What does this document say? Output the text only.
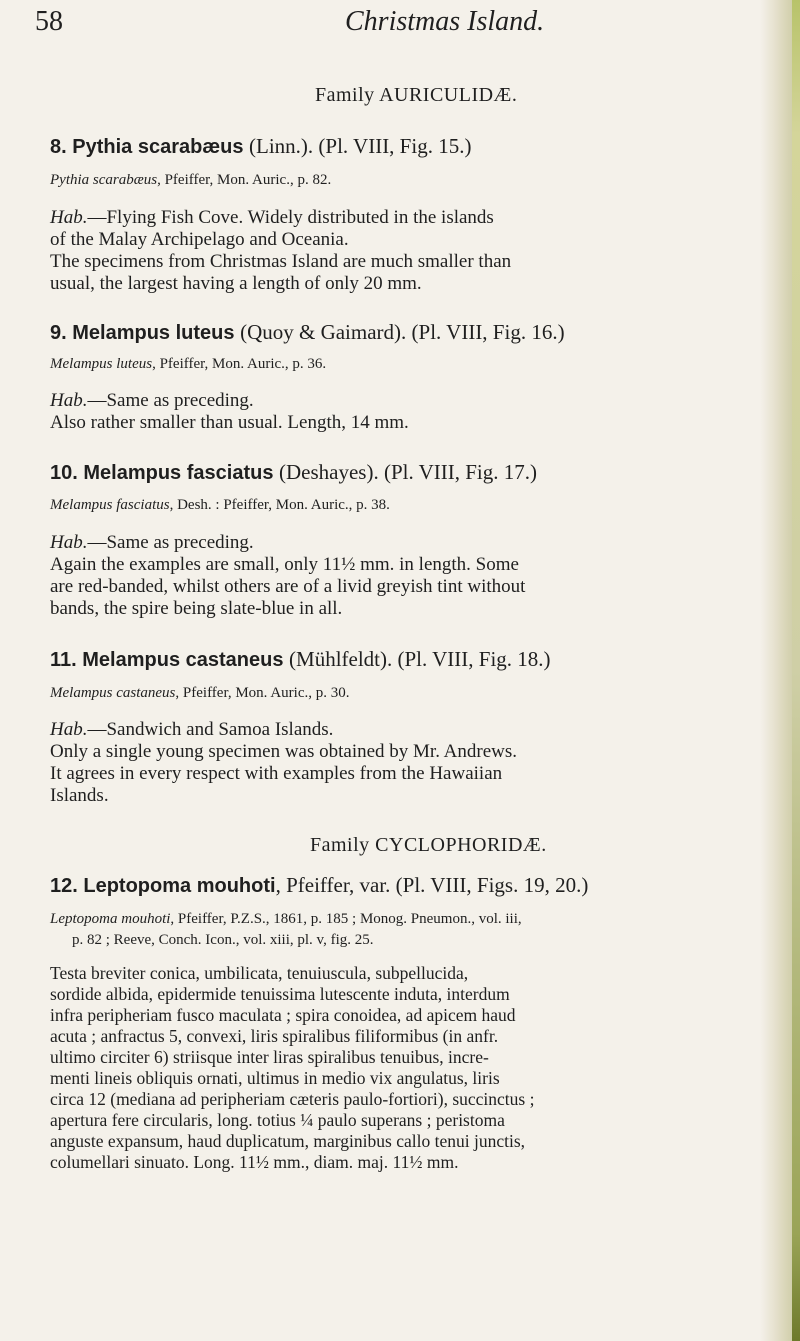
58	Christmas Island.
Family AURICULIDÆ.
8. Pythia scarabæus (Linn.). (Pl. VIII, Fig. 15.)
Pythia scarabæus, Pfeiffer, Mon. Auric., p. 82.
Hab.—Flying Fish Cove. Widely distributed in the islands
of the Malay Archipelago and Oceania.
The specimens from Christmas Island are much smaller than
usual, the largest having a length of only 20 mm.
9. Melampus luteus (Quoy & Gaimard). (Pl. VIII, Fig. 16.)
Melampus luteus, Pfeiffer, Mon. Auric., p. 36.
Hab.—Same as preceding.
Also rather smaller than usual. Length, 14 mm.
10. Melampus fasciatus (Deshayes). (Pl. VIII, Fig. 17.)
Melampus fasciatus, Desh. : Pfeiffer, Mon. Auric., p. 38.
Hab.—Same as preceding.
Again the examples are small, only 11½ mm. in length. Some
are red-banded, whilst others are of a livid greyish tint without
bands, the spire being slate-blue in all.
11. Melampus castaneus (Mühlfeldt). (Pl. VIII, Fig. 18.)
Melampus castaneus, Pfeiffer, Mon. Auric., p. 30.
Hab.—Sandwich and Samoa Islands.
Only a single young specimen was obtained by Mr. Andrews.
It agrees in every respect with examples from the Hawaiian
Islands.
Family CYCLOPHORIDÆ.
12. Leptopoma mouhoti, Pfeiffer, var. (Pl. VIII, Figs. 19, 20.)
Leptopoma mouhoti, Pfeiffer, P.Z.S., 1861, p. 185 ; Monog. Pneumon., vol. iii,
p. 82 ; Reeve, Conch. Icon., vol. xiii, pl. v, fig. 25.
Testa breviter conica, umbilicata, tenuiuscula, subpellucida,
sordide albida, epidermide tenuissima lutescente induta, interdum
infra peripheriam fusco maculata ; spira conoidea, ad apicem haud
acuta ; anfractus 5, convexi, liris spiralibus filiformibus (in anfr.
ultimo circiter 6) striisque inter liras spiralibus tenuibus, incre-
menti lineis obliquis ornati, ultimus in medio vix angulatus, liris
circa 12 (mediana ad peripheriam cæteris paulo-fortiori), succinctus ;
apertura fere circularis, long. totius ¼ paulo superans ; peristoma
anguste expansum, haud duplicatum, marginibus callo tenui junctis,
columellari sinuato. Long. 11½ mm., diam. maj. 11½ mm.
